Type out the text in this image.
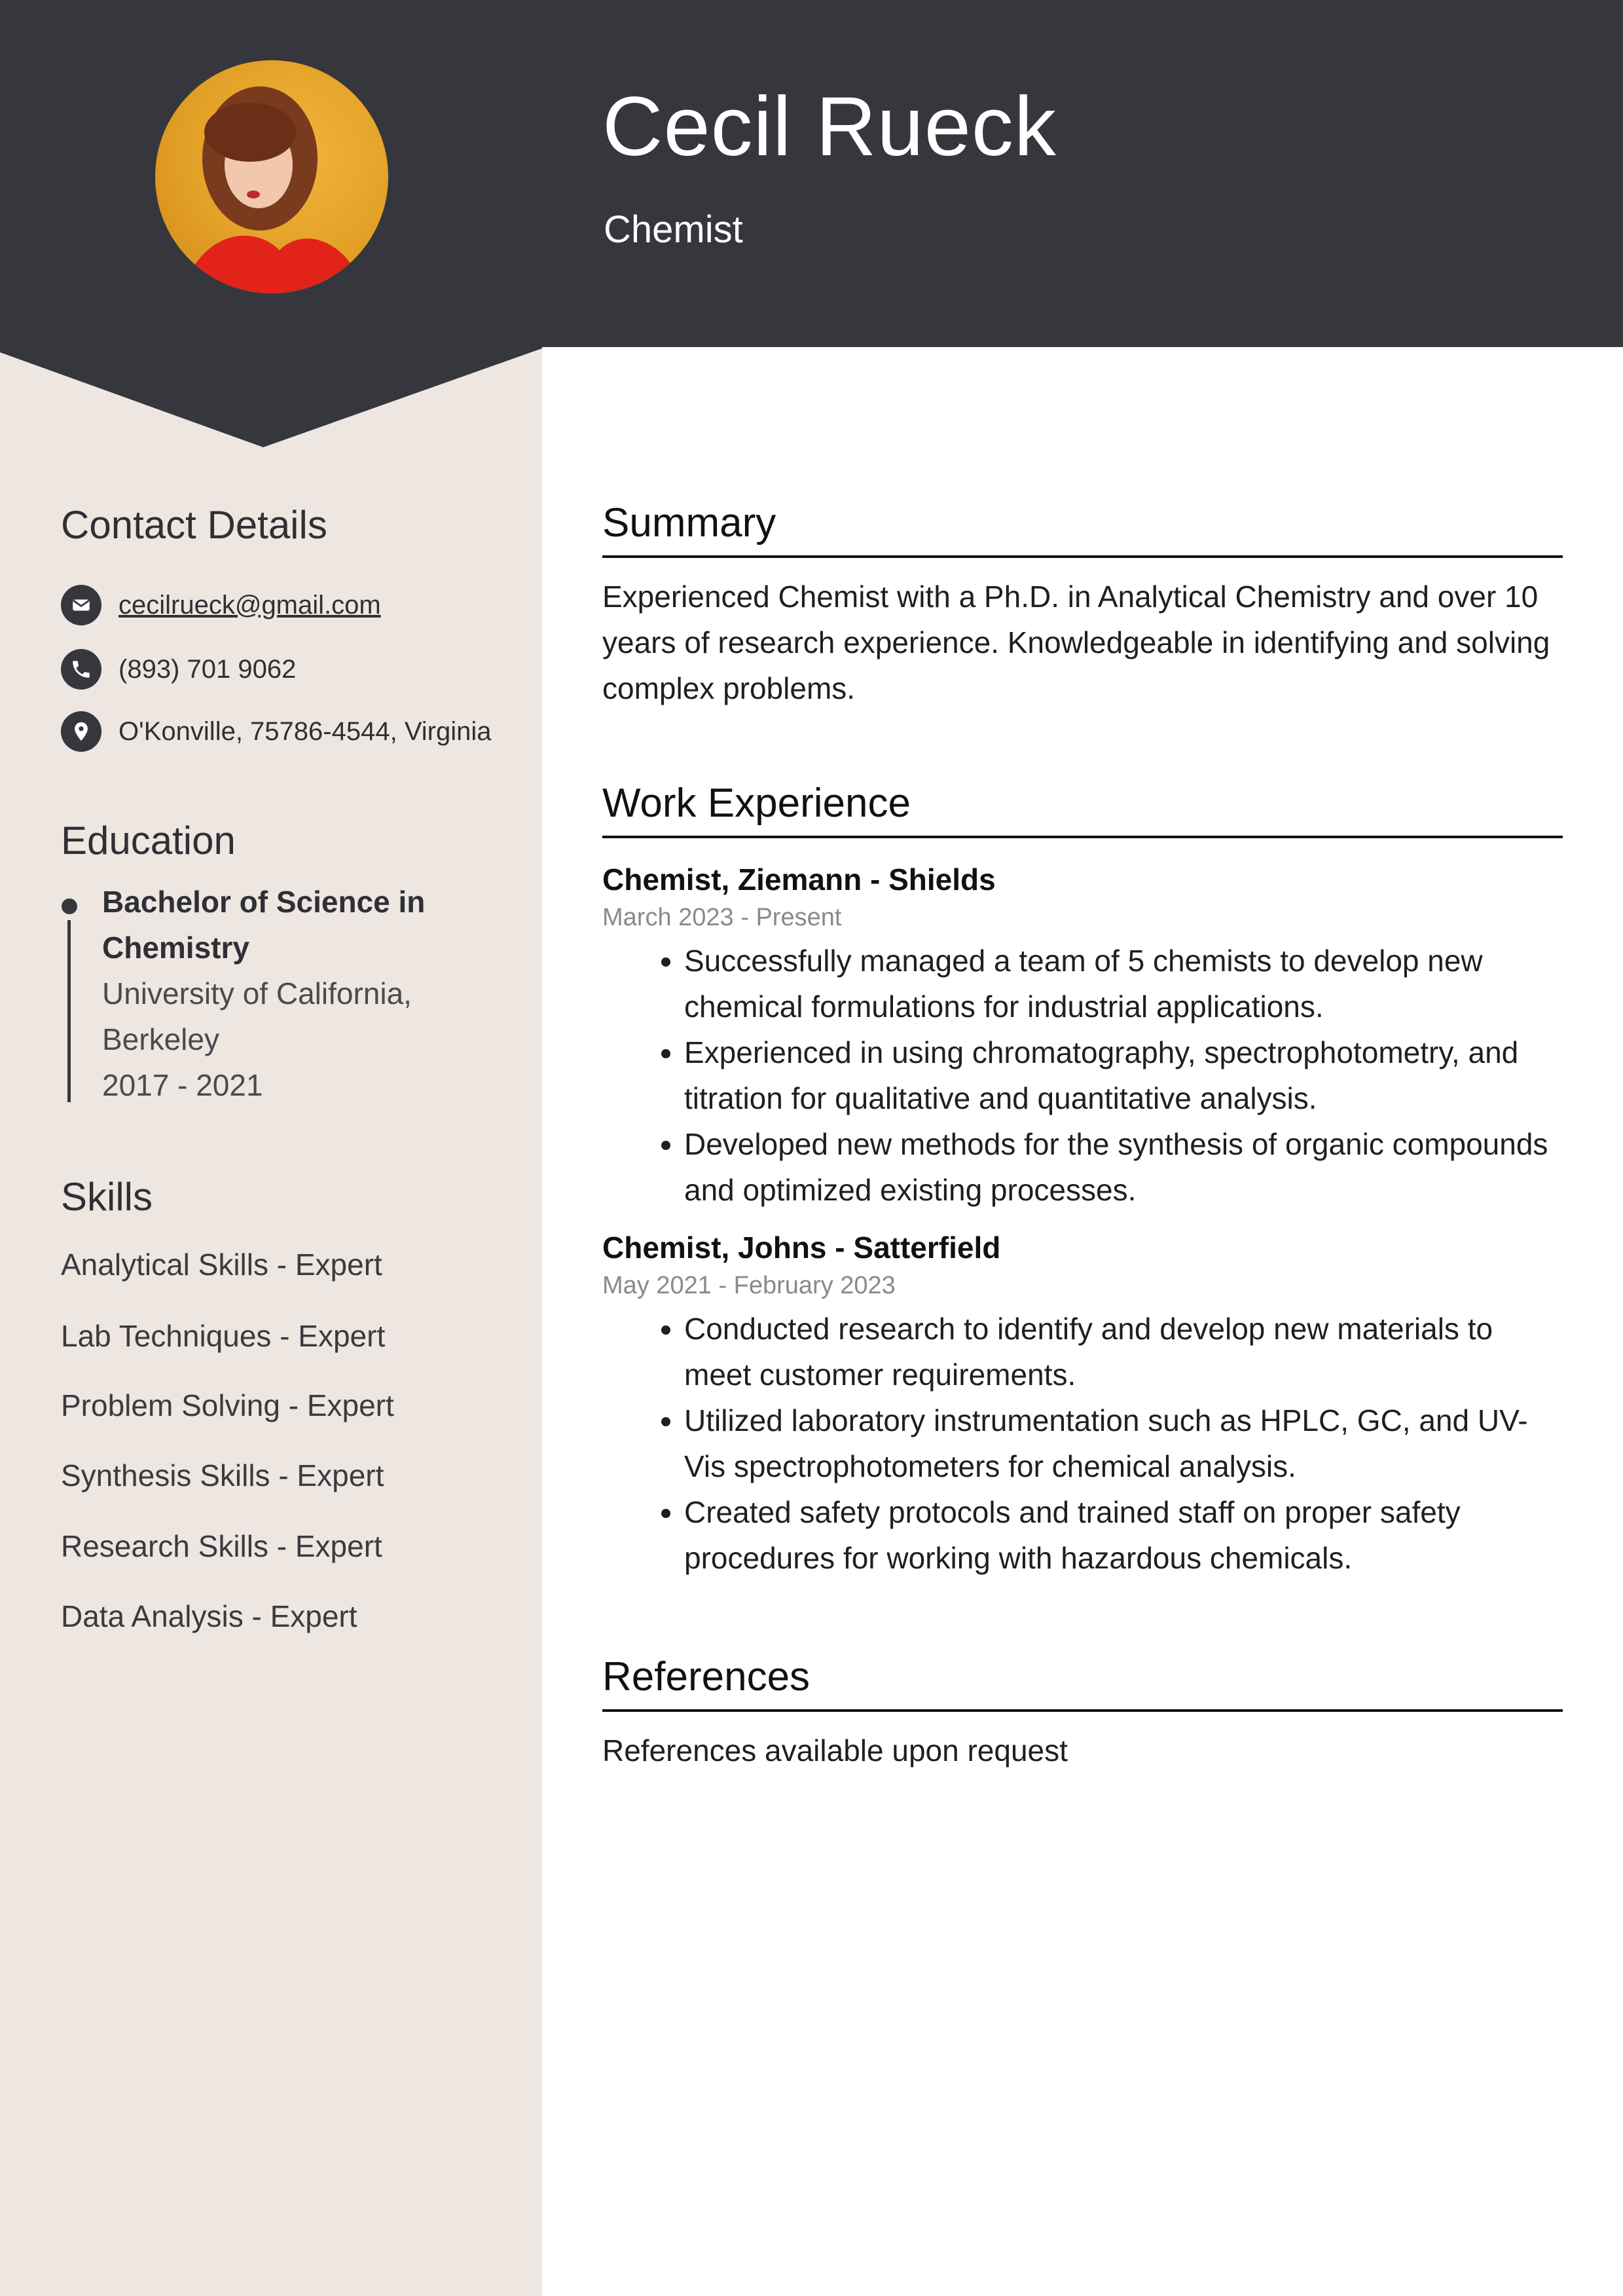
Cecil Rueck
Chemist
Contact Details
cecilrueck@gmail.com
(893) 701 9062
O'Konville, 75786-4544, Virginia
Education
Bachelor of Science in
Chemistry
University of California,
Berkeley
2017 - 2021
Skills
Analytical Skills - Expert
Lab Techniques - Expert
Problem Solving - Expert
Synthesis Skills - Expert
Research Skills - Expert
Data Analysis - Expert
Summary
Experienced Chemist with a Ph.D. in Analytical Chemistry and over 10
years of research experience. Knowledgeable in identifying and solving
complex problems.
Work Experience
Chemist, Ziemann - Shields
March 2023 - Present
• Successfully managed a team of 5 chemists to develop new chemical formulations for industrial applications.
• Experienced in using chromatography, spectrophotometry, and titration for qualitative and quantitative analysis.
• Developed new methods for the synthesis of organic compounds and optimized existing processes.
Chemist, Johns - Satterfield
May 2021 - February 2023
• Conducted research to identify and develop new materials to meet customer requirements.
• Utilized laboratory instrumentation such as HPLC, GC, and UV-Vis spectrophotometers for chemical analysis.
• Created safety protocols and trained staff on proper safety procedures for working with hazardous chemicals.
References
References available upon request
